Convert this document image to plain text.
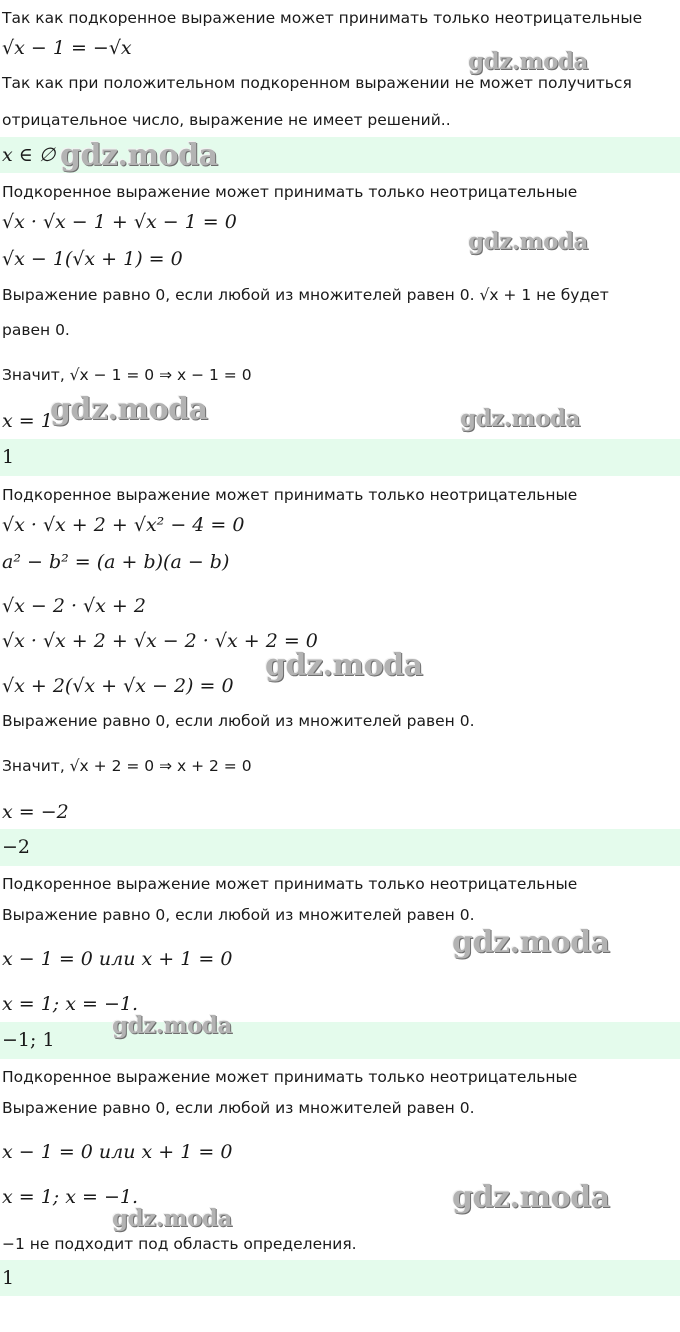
Так как подкоренное выражение может принимать только неотрицательные
√x − 1 = −√x
Так как при положительном подкоренном выражении не может получиться
отрицательное число, выражение не имеет решений..
x ∈ ∅
Подкоренное выражение может принимать только неотрицательные
√x · √x − 1 + √x − 1 = 0
√x − 1(√x + 1) = 0
Выражение равно 0, если любой из множителей равен 0. √x + 1 не будет
равен 0.
Значит, √x − 1 = 0 ⇒ x − 1 = 0
x = 1
1
Подкоренное выражение может принимать только неотрицательные
√x · √x + 2 + √x² − 4 = 0
a² − b² = (a + b)(a − b)
√x − 2 · √x + 2
√x · √x + 2 + √x − 2 · √x + 2 = 0
√x + 2(√x + √x − 2) = 0
Выражение равно 0, если любой из множителей равен 0.
Значит, √x + 2 = 0 ⇒ x + 2 = 0
x = −2
−2
Подкоренное выражение может принимать только неотрицательные
Выражение равно 0, если любой из множителей равен 0.
x − 1 = 0 или x + 1 = 0
x = 1; x = −1.
−1; 1
Подкоренное выражение может принимать только неотрицательные
Выражение равно 0, если любой из множителей равен 0.
x − 1 = 0 или x + 1 = 0
x = 1; x = −1.
−1 не подходит под область определения.
1
gdz.moda
gdz.moda
gdz.moda
gdz.moda	gdz.moda
gdz.moda
gdz.moda
gdz.moda
gdz.moda
gdz.moda
